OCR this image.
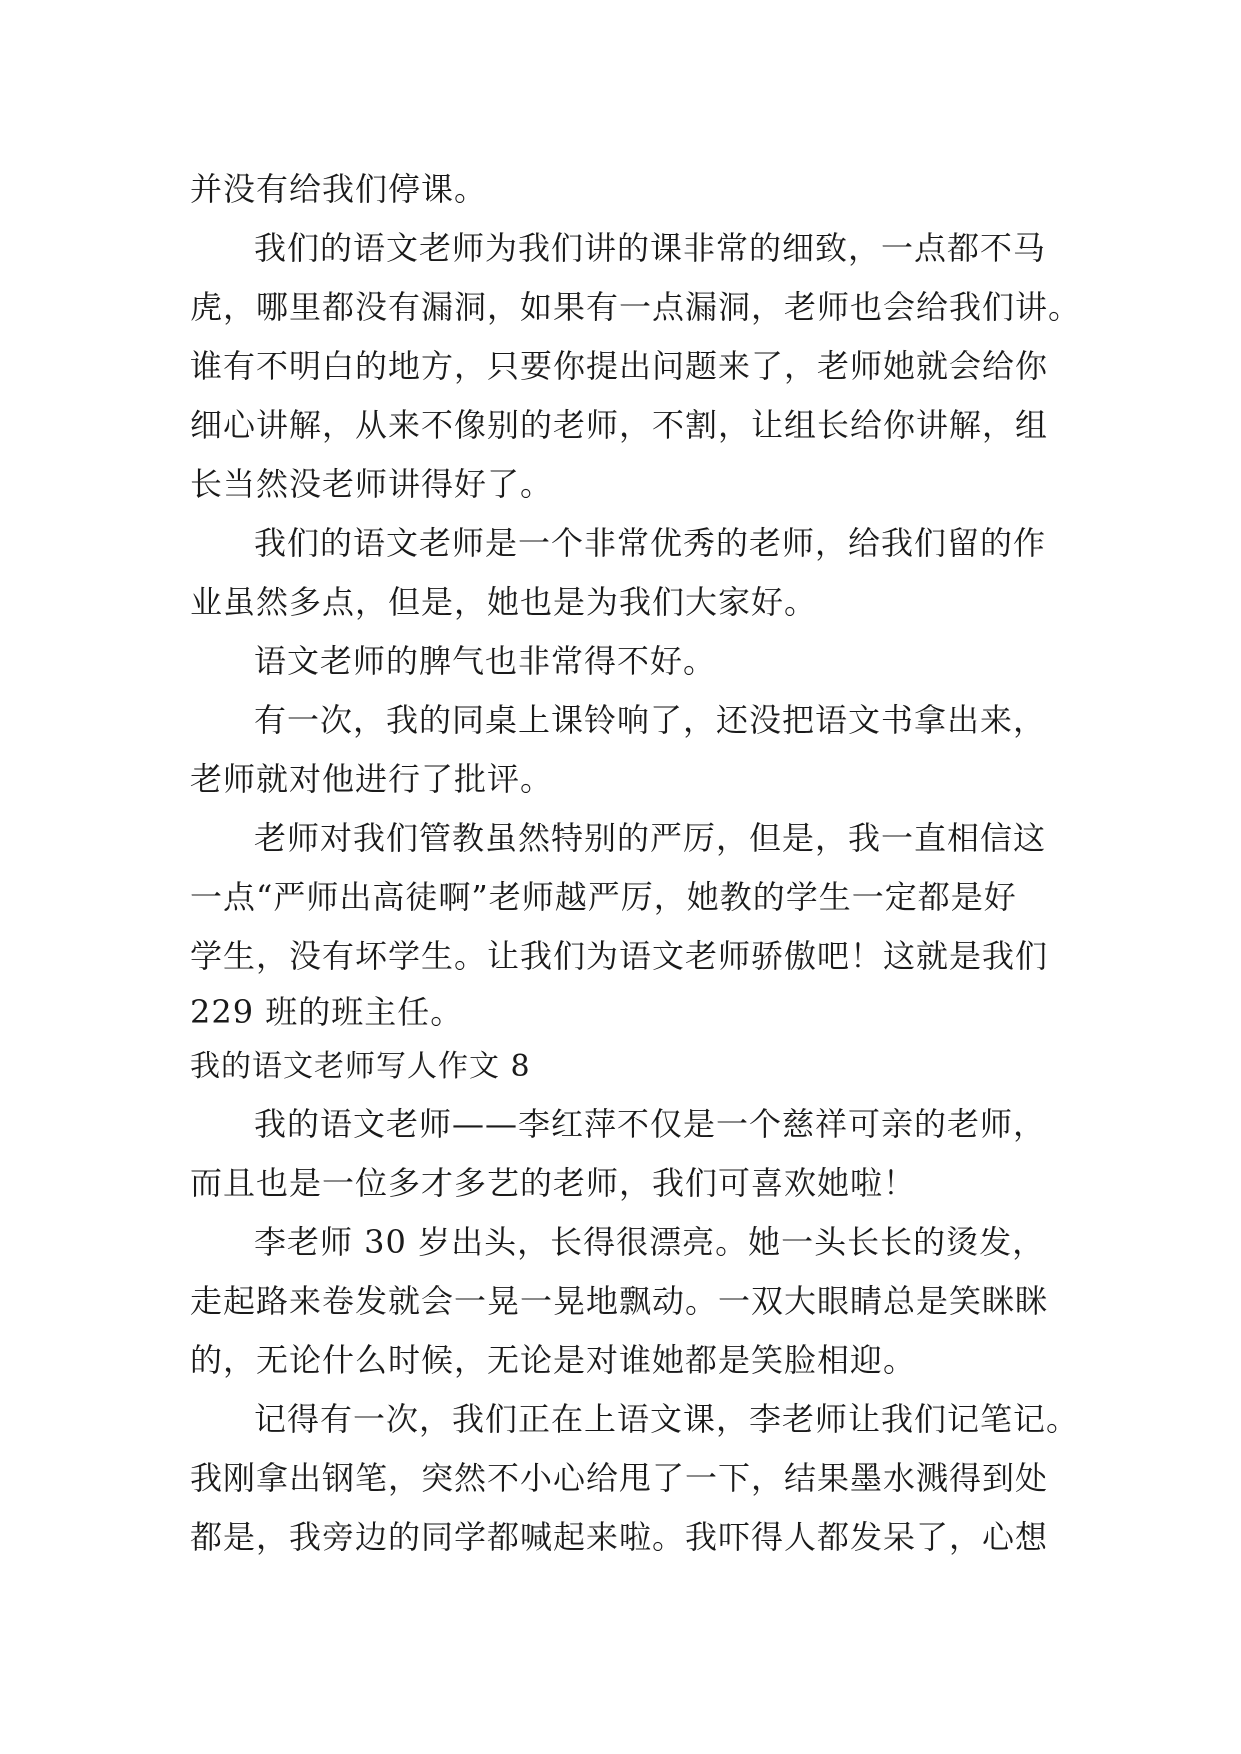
并没有给我们停课。
我们的语文老师为我们讲的课非常的细致，一点都不马
虎，哪里都没有漏洞，如果有一点漏洞，老师也会给我们讲。
谁有不明白的地方，只要你提出问题来了，老师她就会给你
细心讲解，从来不像别的老师，不割，让组长给你讲解，组
长当然没老师讲得好了。
我们的语文老师是一个非常优秀的老师，给我们留的作
业虽然多点，但是，她也是为我们大家好。
语文老师的脾气也非常得不好。
有一次，我的同桌上课铃响了，还没把语文书拿出来，
老师就对他进行了批评。
老师对我们管教虽然特别的严厉，但是，我一直相信这
一点“严师出高徒啊”老师越严厉，她教的学生一定都是好
学生，没有坏学生。让我们为语文老师骄傲吧！这就是我们
229 班的班主任。
我的语文老师写人作文 8
我的语文老师——李红萍不仅是一个慈祥可亲的老师，
而且也是一位多才多艺的老师，我们可喜欢她啦！
李老师 30 岁出头，长得很漂亮。她一头长长的烫发，
走起路来卷发就会一晃一晃地飘动。一双大眼睛总是笑眯眯
的，无论什么时候，无论是对谁她都是笑脸相迎。
记得有一次，我们正在上语文课，李老师让我们记笔记。
我刚拿出钢笔，突然不小心给甩了一下，结果墨水溅得到处
都是，我旁边的同学都喊起来啦。我吓得人都发呆了，心想
